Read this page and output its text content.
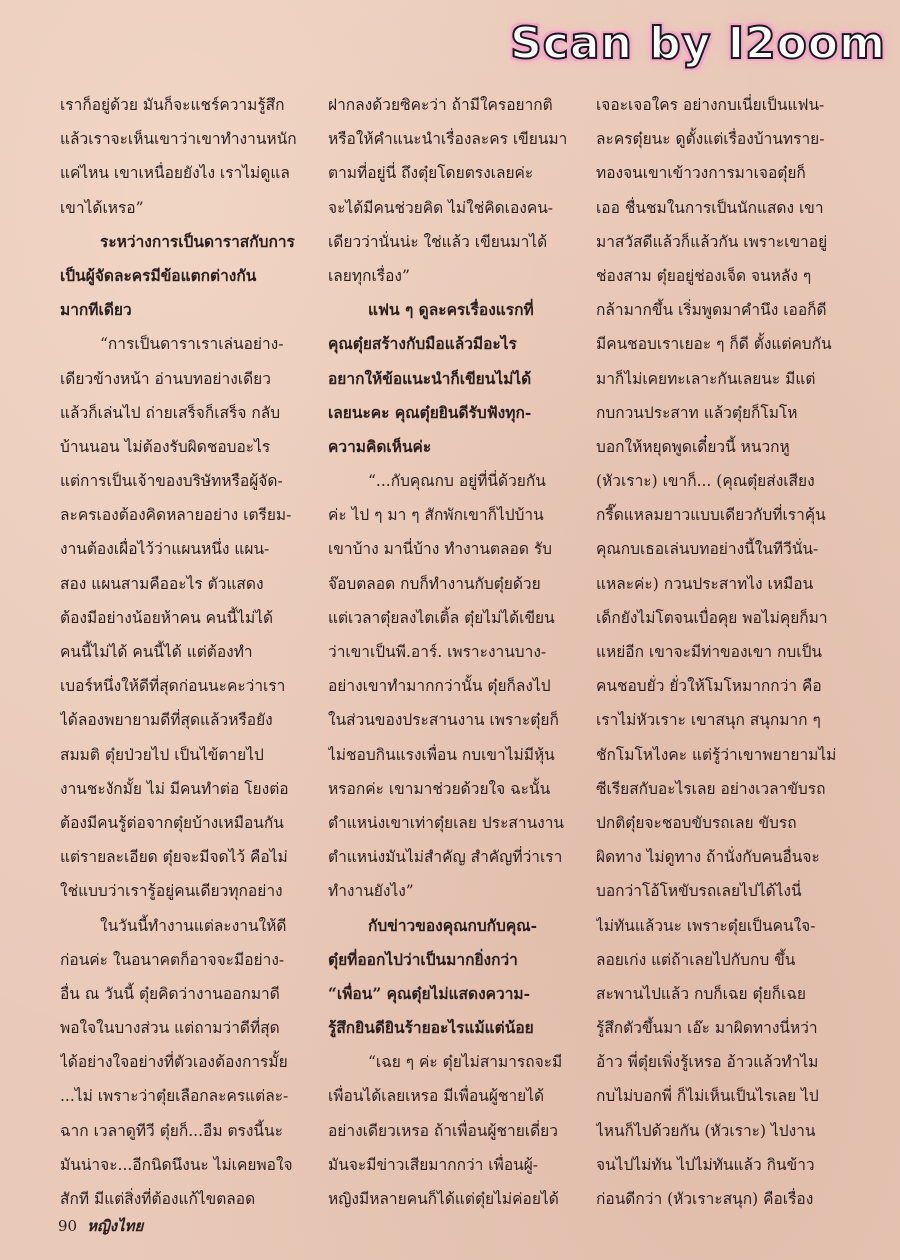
Scan by I2oom
เราก็อยู่ด้วย มันก็จะแชร์ความรู้สึก
แล้วเราจะเห็นเขาว่าเขาทำงานหนัก
แค่ไหน เขาเหนื่อยยังไง เราไม่ดูแล
เขาได้เหรอ”
ระหว่างการเป็นดาราสกับการ
เป็นผู้จัดละครมีข้อแตกต่างกัน
มากทีเดียว
“การเป็นดาราเราเล่นอย่าง-
เดียวข้างหน้า อ่านบทอย่างเดียว
แล้วก็เล่นไป ถ่ายเสร็จก็เสร็จ กลับ
บ้านนอน ไม่ต้องรับผิดชอบอะไร
แต่การเป็นเจ้าของบริษัทหรือผู้จัด-
ละครเองต้องคิดหลายอย่าง เตรียม-
งานต้องเผื่อไว้ว่าแผนหนึ่ง แผน-
สอง แผนสามคืออะไร ตัวแสดง
ต้องมีอย่างน้อยห้าคน คนนี้ไม่ได้
คนนี้ไม่ได้ คนนี้ได้ แต่ต้องทำ
เบอร์หนึ่งให้ดีที่สุดก่อนนะคะว่าเรา
ได้ลองพยายามดีที่สุดแล้วหรือยัง
สมมติ ตุ๋ยป่วยไป เป็นไข้ตายไป
งานชะงักมั้ย ไม่ มีคนทำต่อ โยงต่อ
ต้องมีคนรู้ต่อจากตุ๋ยบ้างเหมือนกัน
แต่รายละเอียด ตุ๋ยจะมีจดไว้ คือไม่
ใช่แบบว่าเรารู้อยู่คนเดียวทุกอย่าง
ในวันนี้ทำงานแต่ละงานให้ดี
ก่อนค่ะ ในอนาคตก็อาจจะมีอย่าง-
อื่น ณ วันนี้ ตุ๋ยคิดว่างานออกมาดี
พอใจในบางส่วน แต่ถามว่าดีที่สุด
ได้อย่างใจอย่างที่ตัวเองต้องการมั้ย
...ไม่ เพราะว่าตุ๋ยเลือกละครแต่ละ-
ฉาก เวลาดูทีวี ตุ๋ยก็...อืม ตรงนี้นะ
มันน่าจะ...อีกนิดนึงนะ ไม่เคยพอใจ
สักที มีแต่สิ่งที่ต้องแก้ไขตลอด
ฝากลงด้วยซิคะว่า ถ้ามีใครอยากติ
หรือให้คำแนะนำเรื่องละคร เขียนมา
ตามที่อยู่นี่ ถึงตุ๋ยโดยตรงเลยค่ะ
จะได้มีคนช่วยคิด ไม่ใช่คิดเองคน-
เดียวว่านั่นน่ะ ใช่แล้ว เขียนมาได้
เลยทุกเรื่อง”
แฟน ๆ ดูละครเรื่องแรกที่
คุณตุ๋ยสร้างกับมือแล้วมีอะไร
อยากให้ข้อแนะนำก็เขียนไม่ได้
เลยนะคะ คุณตุ๋ยยินดีรับฟังทุก-
ความคิดเห็นค่ะ
“...กับคุณกบ อยู่ที่นี่ด้วยกัน
ค่ะ ไป ๆ มา ๆ สักพักเขาก็ไปบ้าน
เขาบ้าง มานี่บ้าง ทำงานตลอด รับ
จ๊อบตลอด กบก็ทำงานกับตุ๋ยด้วย
แต่เวลาตุ๋ยลงไตเติ้ล ตุ๋ยไม่ได้เขียน
ว่าเขาเป็นพี.อาร์. เพราะงานบาง-
อย่างเขาทำมากกว่านั้น ตุ๋ยก็ลงไป
ในส่วนของประสานงาน เพราะตุ๋ยก็
ไม่ชอบกินแรงเพื่อน กบเขาไม่มีหุ้น
หรอกค่ะ เขามาช่วยด้วยใจ ฉะนั้น
ตำแหน่งเขาเท่าตุ๋ยเลย ประสานงาน
ตำแหน่งมันไม่สำคัญ สำคัญที่ว่าเรา
ทำงานยังไง”
กับข่าวของคุณกบกับคุณ-
ตุ๋ยที่ออกไปว่าเป็นมากยิ่งกว่า
“เพื่อน” คุณตุ๋ยไม่แสดงความ-
รู้สึกยินดียินร้ายอะไรแม้แต่น้อย
“เฉย ๆ ค่ะ ตุ๋ยไม่สามารถจะมี
เพื่อนได้เลยเหรอ มีเพื่อนผู้ชายได้
อย่างเดียวเหรอ ถ้าเพื่อนผู้ชายเดี่ยว
มันจะมีข่าวเสียมากกว่า เพื่อนผู้-
หญิงมีหลายคนก็ได้แต่ตุ๋ยไม่ค่อยได้
เจอะเจอใคร อย่างกบเนี่ยเป็นแฟน-
ละครตุ๋ยนะ ดูตั้งแต่เรื่องบ้านทราย-
ทองจนเขาเข้าวงการมาเจอตุ๋ยก็
เออ ชื่นชมในการเป็นนักแสดง เขา
มาสวัสดีแล้วก็แล้วกัน เพราะเขาอยู่
ช่องสาม ตุ๋ยอยู่ช่องเจ็ด จนหลัง ๆ
กล้ามากขึ้น เริ่มพูดมาคำนึง เออก็ดี
มีคนชอบเราเยอะ ๆ ก็ดี ตั้งแต่คบกัน
มาก็ไม่เคยทะเลาะกันเลยนะ มีแต่
กบกวนประสาท แล้วตุ๋ยก็โมโห
บอกให้หยุดพูดเดี๋ยวนี้ หนวกหู
(หัวเราะ) เขาก็... (คุณตุ๋ยส่งเสียง
กรี๊ดแหลมยาวแบบเดียวกับที่เราคุ้น
คุณกบเธอเล่นบทอย่างนี้ในทีวีนั่น-
แหละค่ะ) กวนประสาทไง เหมือน
เด็กยังไม่โตจนเบื่อคุย พอไม่คุยก็มา
แหย่อีก เขาจะมีท่าของเขา กบเป็น
คนชอบยั่ว ยั่วให้โมโหมากกว่า คือ
เราไม่หัวเราะ เขาสนุก สนุกมาก ๆ
ชักโมโหไงคะ แต่รู้ว่าเขาพยายามไม่
ซีเรียสกับอะไรเลย อย่างเวลาขับรถ
ปกติตุ๋ยจะชอบขับรถเลย ขับรถ
ผิดทาง ไม่ดูทาง ถ้านั่งกับคนอื่นจะ
บอกว่าโอ้โหขับรถเลยไปได้ไงนี่
ไม่ทันแล้วนะ เพราะตุ๋ยเป็นคนใจ-
ลอยเก่ง แต่ถ้าเลยไปกับกบ ขึ้น
สะพานไปแล้ว กบก็เฉย ตุ๋ยก็เฉย
รู้สึกตัวขึ้นมา เอ๊ะ มาผิดทางนี่หว่า
อ้าว พี่ตุ๋ยเพิ่งรู้เหรอ อ้าวแล้วทำไม
กบไม่บอกพี่ ก็ไม่เห็นเป็นไรเลย ไป
ไหนก็ไปด้วยกัน (หัวเราะ) ไปงาน
จนไปไม่ทัน ไปไม่ทันแล้ว กินข้าว
ก่อนดีกว่า (หัวเราะสนุก) คือเรื่อง
90 หญิงไทย
